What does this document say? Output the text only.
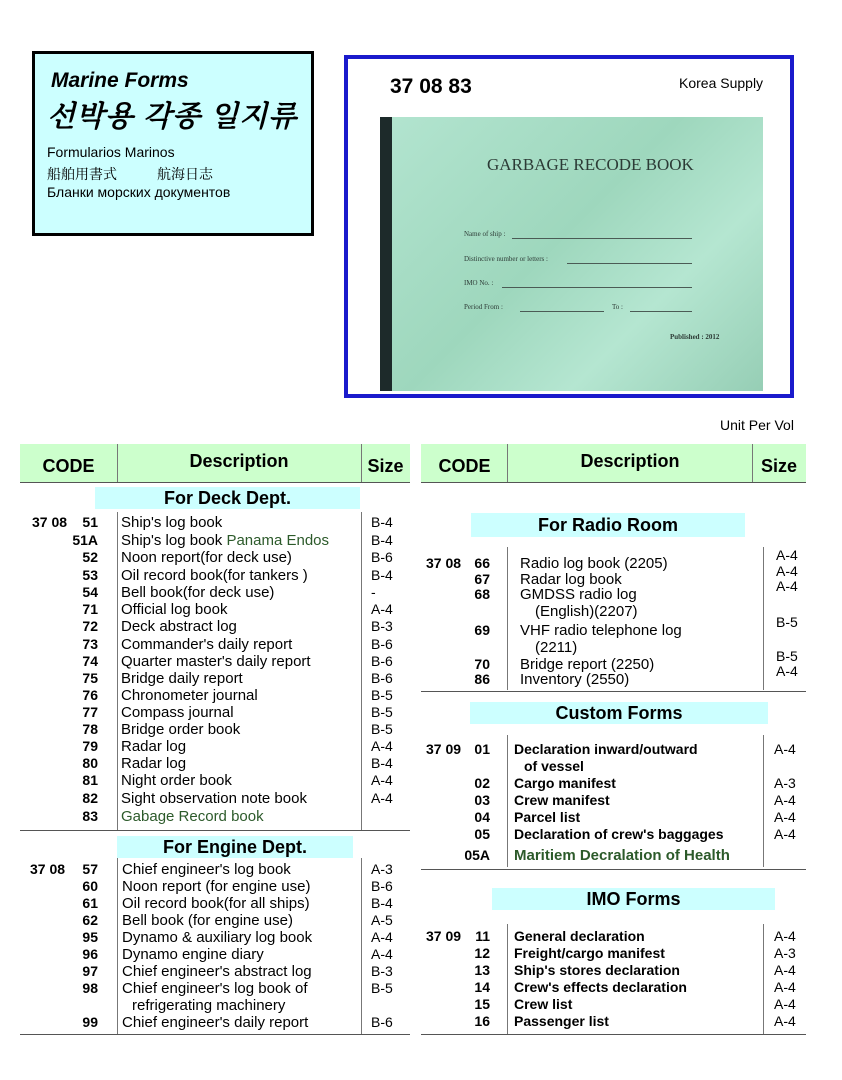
Marine Forms
선박용 각종 일지류
Formularios Marinos
船舶用書式	航海日志
Бланки морских документов
37 08 83	Korea Supply
GARBAGE RECODE BOOK
Name of ship :
Distinctive number or letters :
IMO No. :
Period From :	To :
Published : 2012
Unit Per Vol
CODE	Description	Size
For Deck Dept.
37 08	51 Ship's log book	B-4
51A Ship's log book Panama Endos	B-4
52 Noon report(for deck use)	B-6
53 Oil record book(for tankers )	B-4
54 Bell book(for deck use)	-
71 Official log book	A-4
72 Deck abstract log	B-3
73 Commander's daily report	B-6
74 Quarter master's daily report	B-6
75 Bridge daily report	B-6
76 Chronometer journal	B-5
77 Compass journal	B-5
78 Bridge order book	B-5
79 Radar log	A-4
80 Radar log	B-4
81 Night order book	A-4
82 Sight observation note book	A-4
83 Gabage Record book
For Engine Dept.
37 08	57 Chief engineer's log book	A-3
60 Noon report (for engine use)	B-6
61 Oil record book(for all ships)	B-4
62 Bell book (for engine use)	A-5
95 Dynamo & auxiliary log book	A-4
96 Dynamo engine diary	A-4
97 Chief engineer's abstract log	B-3
98 Chief engineer's log book of
refrigerating machinery
B-5
99 Chief engineer's daily report	B-6
CODE	Description	Size
For Radio Room
37 08 66 Radio log book (2205)	A-4
67 Radar log book	A-4
68 GMDSS radio log
(English)(2207)
A-4
69 VHF radio telephone log
(2211)
B-5
70 Bridge report (2250)	B-5
86 Inventory (2550)	A-4
Custom Forms
37 09 01 Declaration inward/outward
of vessel
A-4
02 Cargo manifest	A-3
03 Crew manifest	A-4
04 Parcel list	A-4
05 Declaration of crew's baggages	A-4
05A Maritiem Decralation of Health
IMO Forms
37 09	11 General declaration	A-4
12 Freight/cargo manifest	A-3
13 Ship's stores declaration	A-4
14 Crew's effects declaration	A-4
15 Crew list	A-4
16 Passenger list	A-4
